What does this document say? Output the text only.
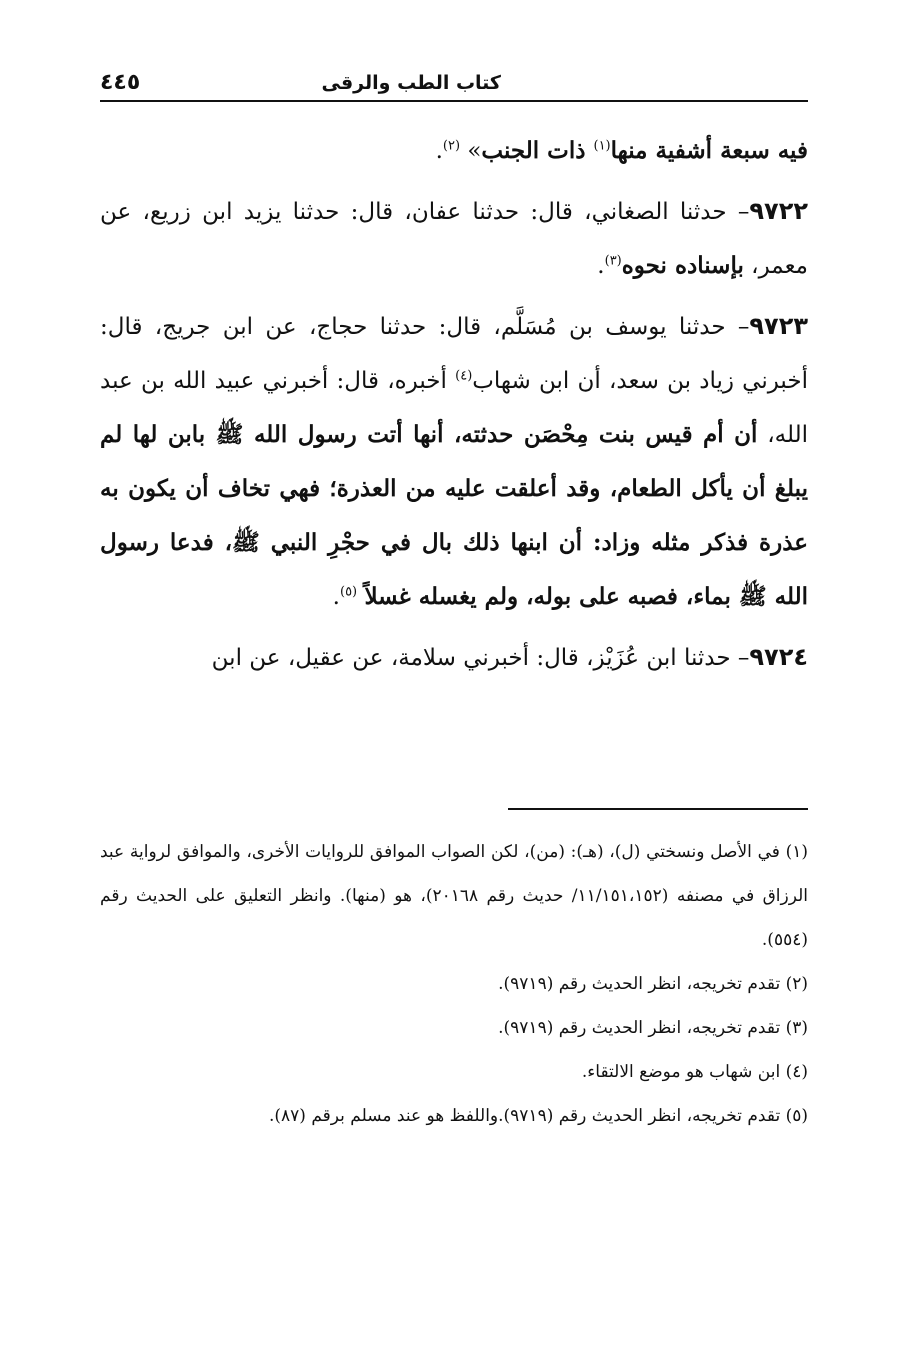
كتاب الطب والرقى
٤٤٥

فيه سبعة أشفية منها$^{(١)}$ ذات الجنب» $^{(٢)}$.

٩٧٢٢– حدثنا الصغاني، قال: حدثنا عفان، قال: حدثنا يزيد ابن زريع، عن معمر، بإسناده نحوه$^{(٣)}$.

٩٧٢٣– حدثنا يوسف بن مُسَلَّم، قال: حدثنا حجاج، عن ابن جريج، قال: أخبرني زياد بن سعد، أن ابن شهاب$^{(٤)}$ أخبره، قال: أخبرني عبيد الله بن عبد الله، أن أم قيس بنت مِحْصَن حدثته، أنها أتت رسول الله ﷺ بابن لها لم يبلغ أن يأكل الطعام، وقد أعلقت عليه من العذرة؛ فهي تخاف أن يكون به عذرة فذكر مثله وزاد: أن ابنها ذلك بال في حجْرِ النبي ﷺ، فدعا رسول الله ﷺ بماء، فصبه على بوله، ولم يغسله غسلاً $^{(٥)}$.

٩٧٢٤– حدثنا ابن عُزَيْز، قال: أخبرني سلامة، عن عقيل، عن ابن

(١) في الأصل ونسختي (ل)، (هـ): (من)، لكن الصواب الموافق للروايات الأخرى، والموافق لرواية عبد الرزاق في مصنفه (١١/١٥١،١٥٢/ حديث رقم ٢٠١٦٨)، هو (منها). وانظر التعليق على الحديث رقم (٥٥٤).

(٢) تقدم تخريجه، انظر الحديث رقم (٩٧١٩).

(٣) تقدم تخريجه، انظر الحديث رقم (٩٧١٩).

(٤) ابن شهاب هو موضع الالتقاء.

(٥) تقدم تخريجه، انظر الحديث رقم (٩٧١٩).واللفظ هو عند مسلم برقم (٨٧).
